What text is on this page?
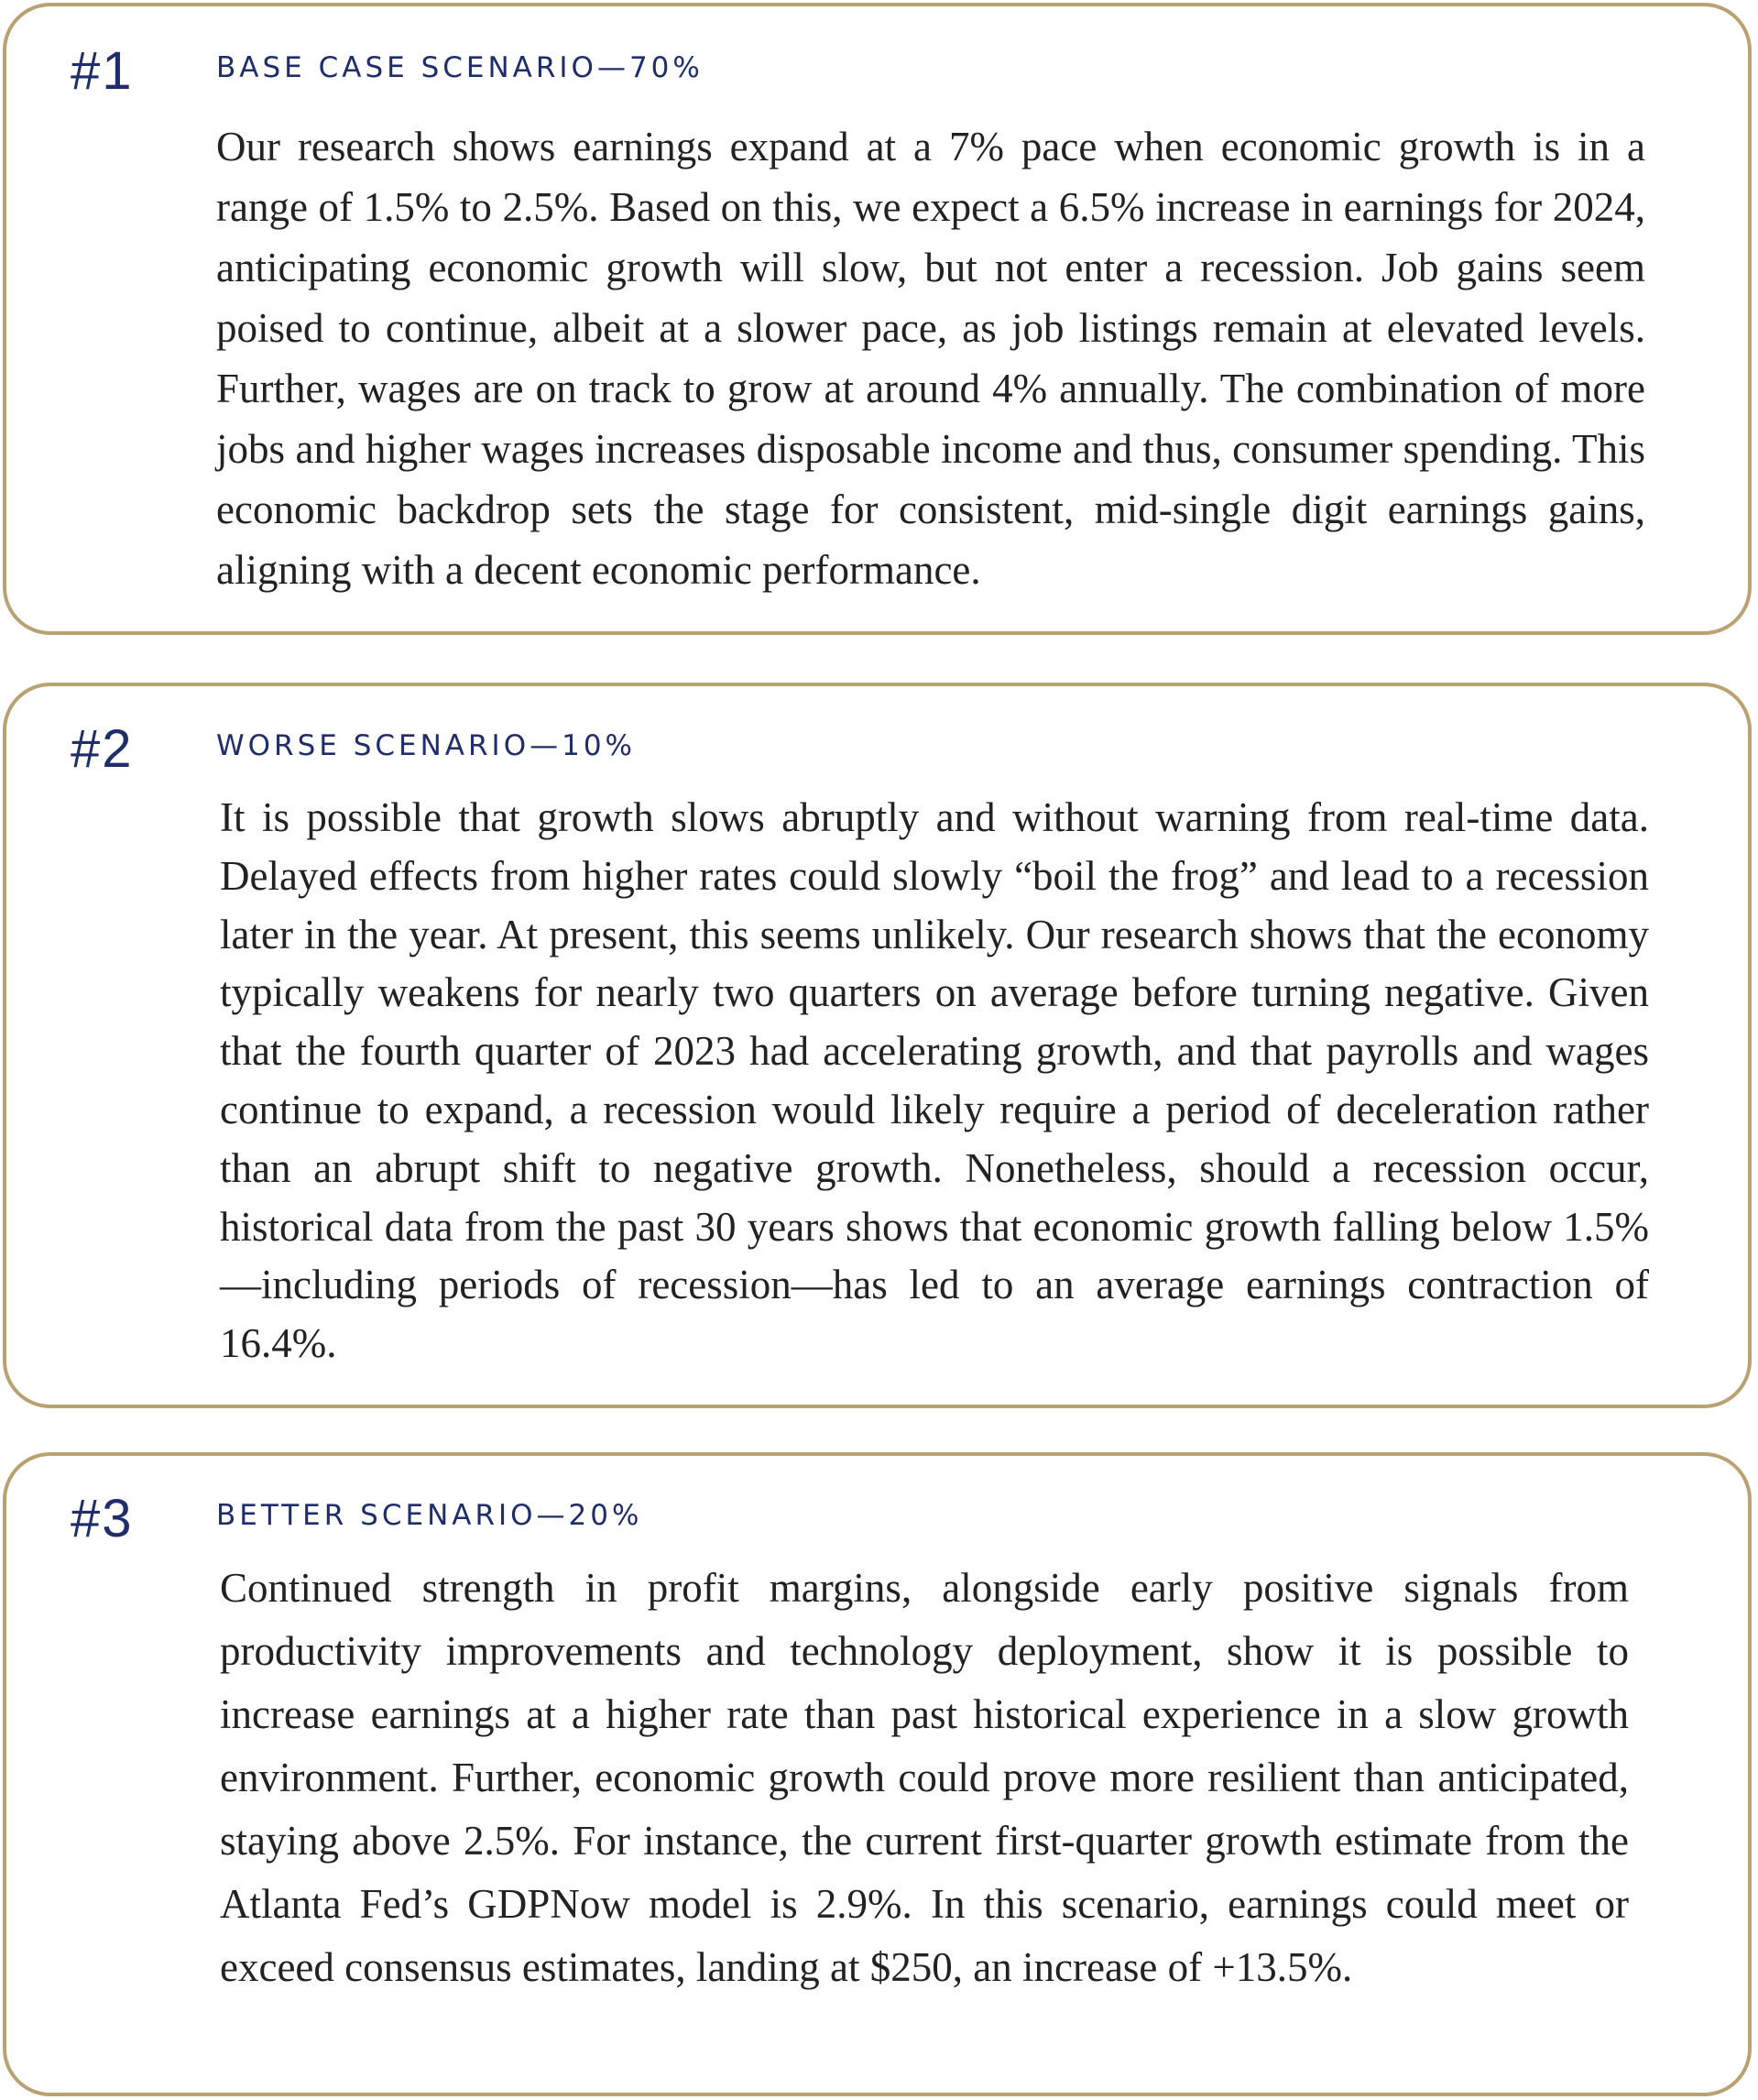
#1	BASE CASE SCENARIO—70%

Our research shows earnings expand at a 7% pace when economic growth is in a range of 1.5% to 2.5%. Based on this, we expect a 6.5% increase in earnings for 2024, anticipating economic growth will slow, but not enter a recession. Job gains seem poised to continue, albeit at a slower pace, as job listings remain at elevated levels. Further, wages are on track to grow at around 4% annually. The combination of more jobs and higher wages increases disposable income and thus, consumer spending. This economic backdrop sets the stage for consistent, mid-single digit earnings gains, aligning with a decent economic performance.

#2	WORSE SCENARIO—10%

It is possible that growth slows abruptly and without warning from real-time data. Delayed effects from higher rates could slowly “boil the frog” and lead to a recession later in the year. At present, this seems unlikely. Our research shows that the economy typically weakens for nearly two quarters on average before turning negative. Given that the fourth quarter of 2023 had accelerating growth, and that payrolls and wages continue to expand, a recession would likely require a period of deceleration rather than an abrupt shift to negative growth. Nonetheless, should a recession occur, historical data from the past 30 years shows that economic growth falling below 1.5%—including periods of recession—has led to an average earnings contraction of 16.4%.

#3	BETTER SCENARIO—20%

Continued strength in profit margins, alongside early positive signals from productivity improvements and technology deployment, show it is possible to increase earnings at a higher rate than past historical experience in a slow growth environment. Further, economic growth could prove more resilient than anticipated, staying above 2.5%. For instance, the current first-quarter growth estimate from the Atlanta Fed’s GDPNow model is 2.9%. In this scenario, earnings could meet or exceed consensus estimates, landing at $250, an increase of +13.5%.
